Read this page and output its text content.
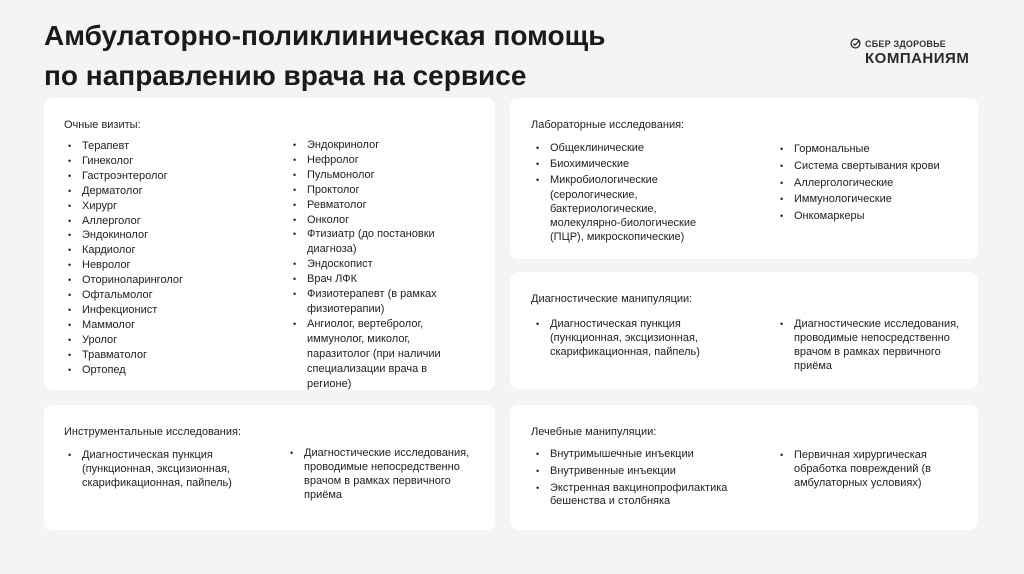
Амбулаторно-поликлиническая помощь
по направлению врача на сервисе
СБЕР ЗДОРОВЬЕ
КОМПАНИЯМ
Очные визиты:
• Терапевт
• Гинеколог
• Гастроэнтеролог
• Дерматолог
• Хирург
• Аллерголог
• Эндокинолог
• Кардиолог
• Невролог
• Оториноларинголог
• Офтальмолог
• Инфекционист
• Маммолог
• Уролог
• Травматолог
• Ортопед
• Эндокринолог
• Нефролог
• Пульмонолог
• Проктолог
• Ревматолог
• Онколог
• Фтизиатр (до постановки диагноза)
• Эндоскопист
• Врач ЛФК
• Физиотерапевт (в рамках физиотерапии)
• Ангиолог, вертебролог, иммунолог, миколог, паразитолог (при наличии специализации врача в регионе)
Лабораторные исследования:
• Общеклинические
• Биохимические
• Микробиологические (серологические, бактериологические, молекулярно-биологические (ПЦР), микроскопические)
• Гормональные
• Система свертывания крови
• Аллергологические
• Иммунологические
• Онкомаркеры
Диагностические манипуляции:
• Диагностическая пункция (пункционная, эксцизионная, скарификационная, пайпель)
• Диагностические исследования, проводимые непосредственно врачом в рамках первичного приёма
Инструментальные исследования:
• Диагностическая пункция (пункционная, эксцизионная, скарификационная, пайпель)
• Диагностические исследования, проводимые непосредственно врачом в рамках первичного приёма
Лечебные манипуляции:
• Внутримышечные инъекции
• Внутривенные инъекции
• Экстренная вакцинопрофилактика бешенства и столбняка
• Первичная хирургическая обработка повреждений (в амбулаторных условиях)
